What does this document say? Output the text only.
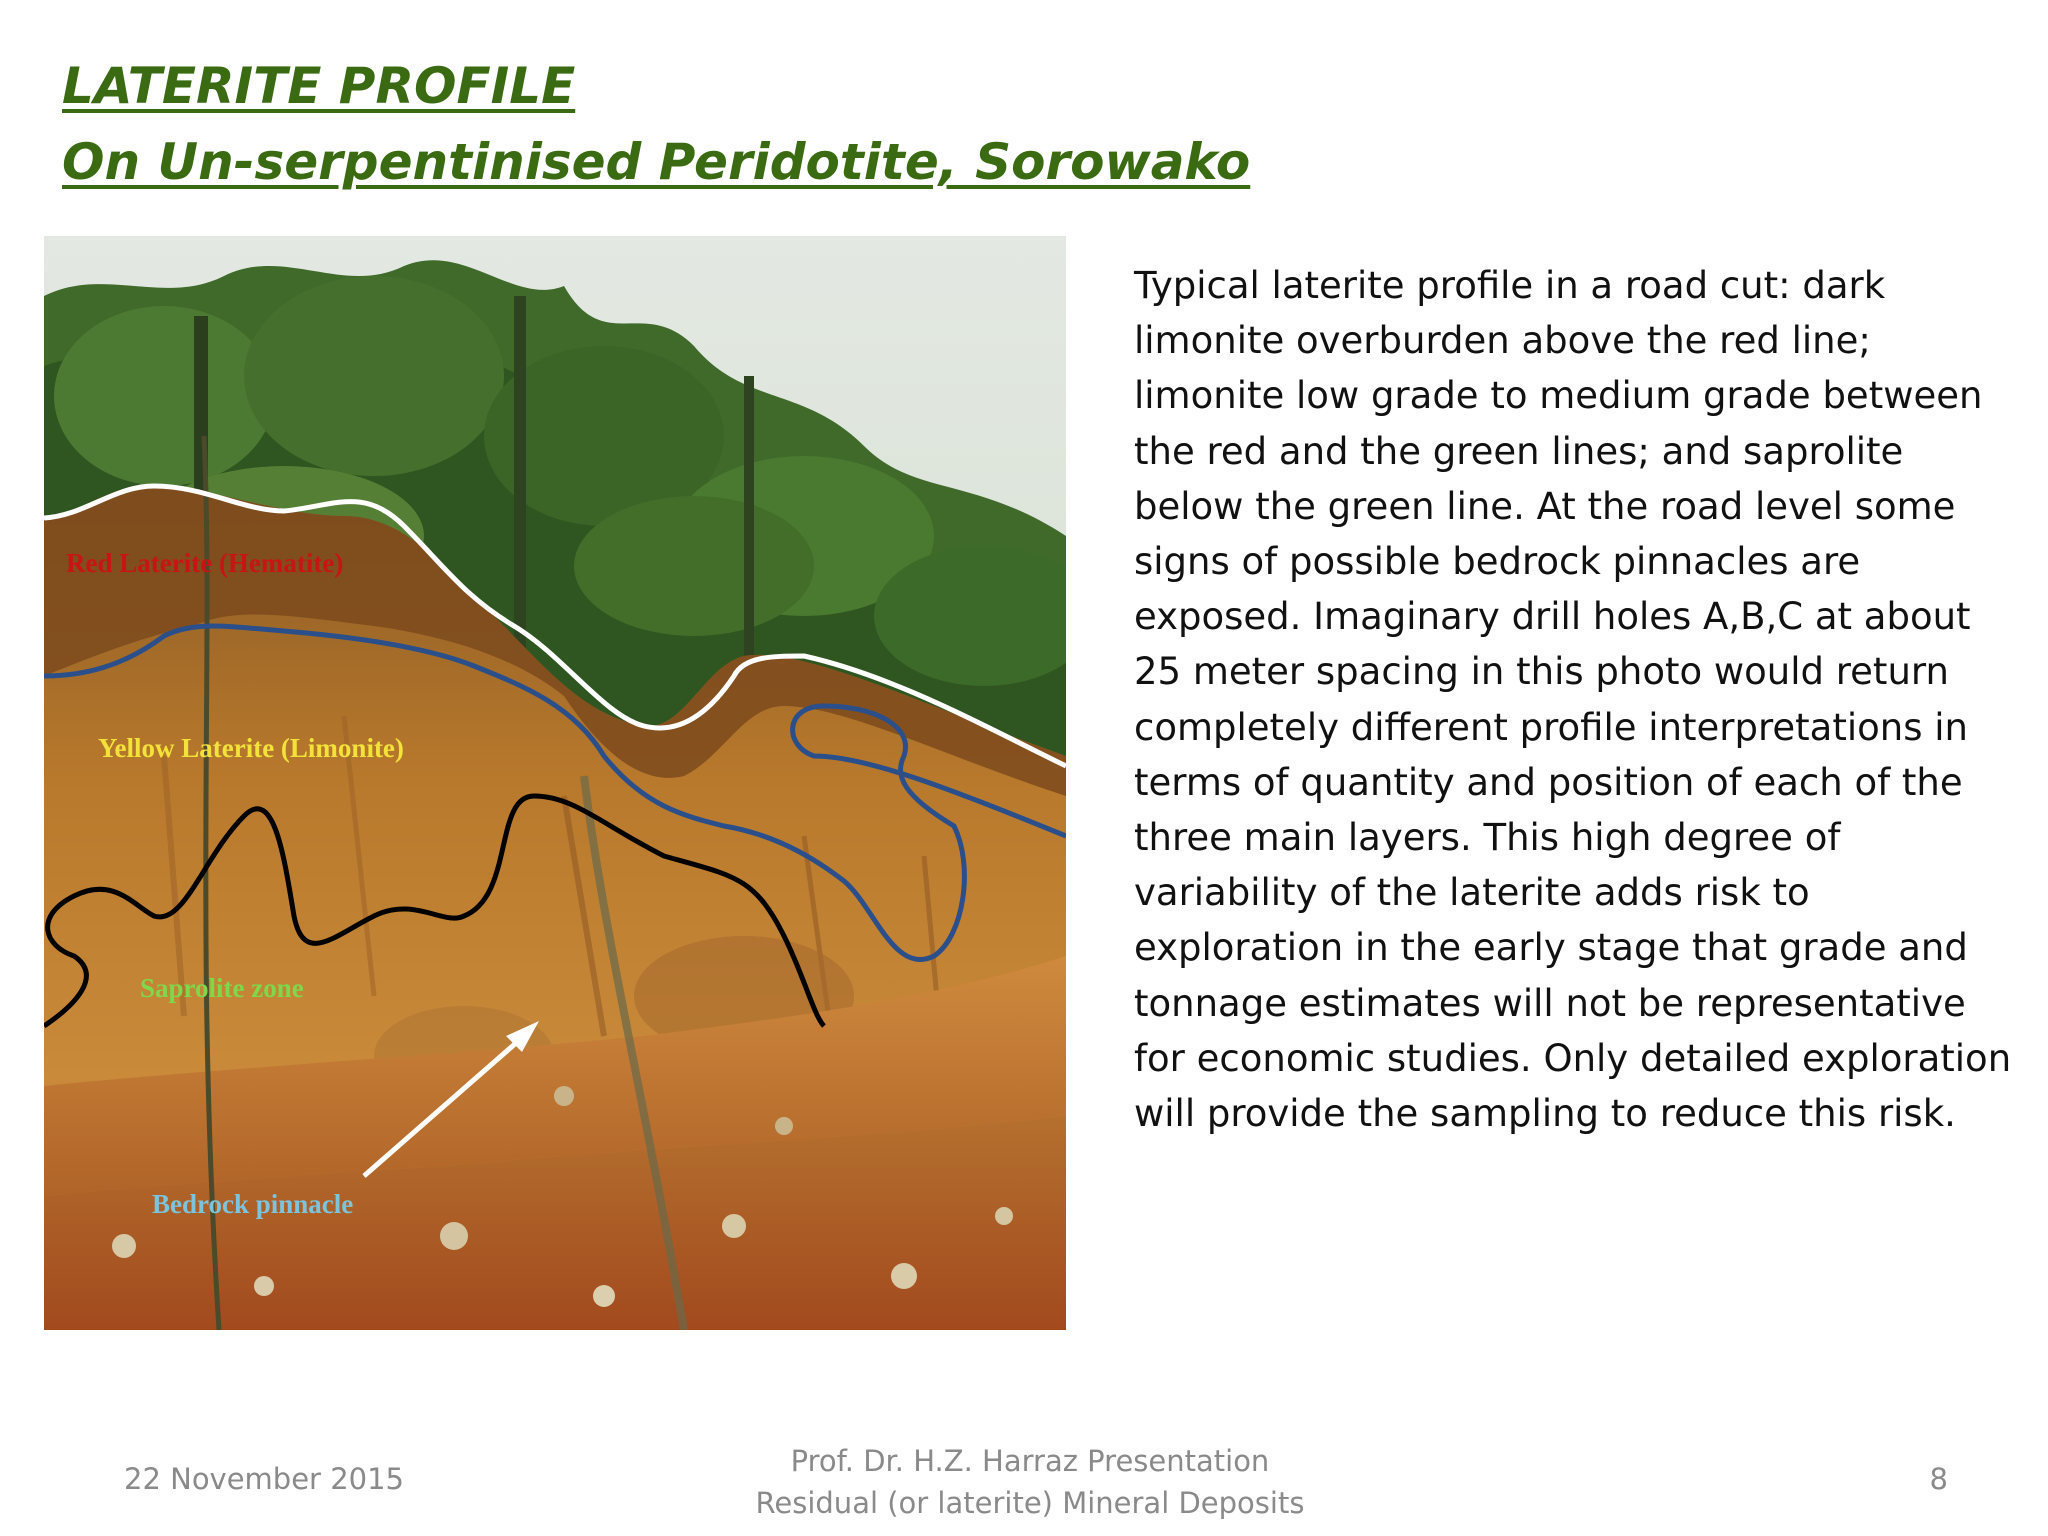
LATERITE PROFILE
On Un-serpentinised Peridotite, Sorowako
Red Laterite (Hematite)
Yellow Laterite (Limonite)
Saprolite zone
Bedrock pinnacle

Typical laterite profile in a road cut: dark limonite overburden above the red line; limonite low grade to medium grade between the red and the green lines; and saprolite below the green line. At the road level some signs of possible bedrock pinnacles are exposed. Imaginary drill holes A,B,C at about 25 meter spacing in this photo would return completely different profile interpretations in terms of quantity and position of each of the three main layers. This high degree of variability of the laterite adds risk to exploration in the early stage that grade and tonnage estimates will not be representative for economic studies. Only detailed exploration will provide the sampling to reduce this risk.

22 November 2015
Prof. Dr. H.Z. Harraz Presentation
Residual (or laterite) Mineral Deposits
8
